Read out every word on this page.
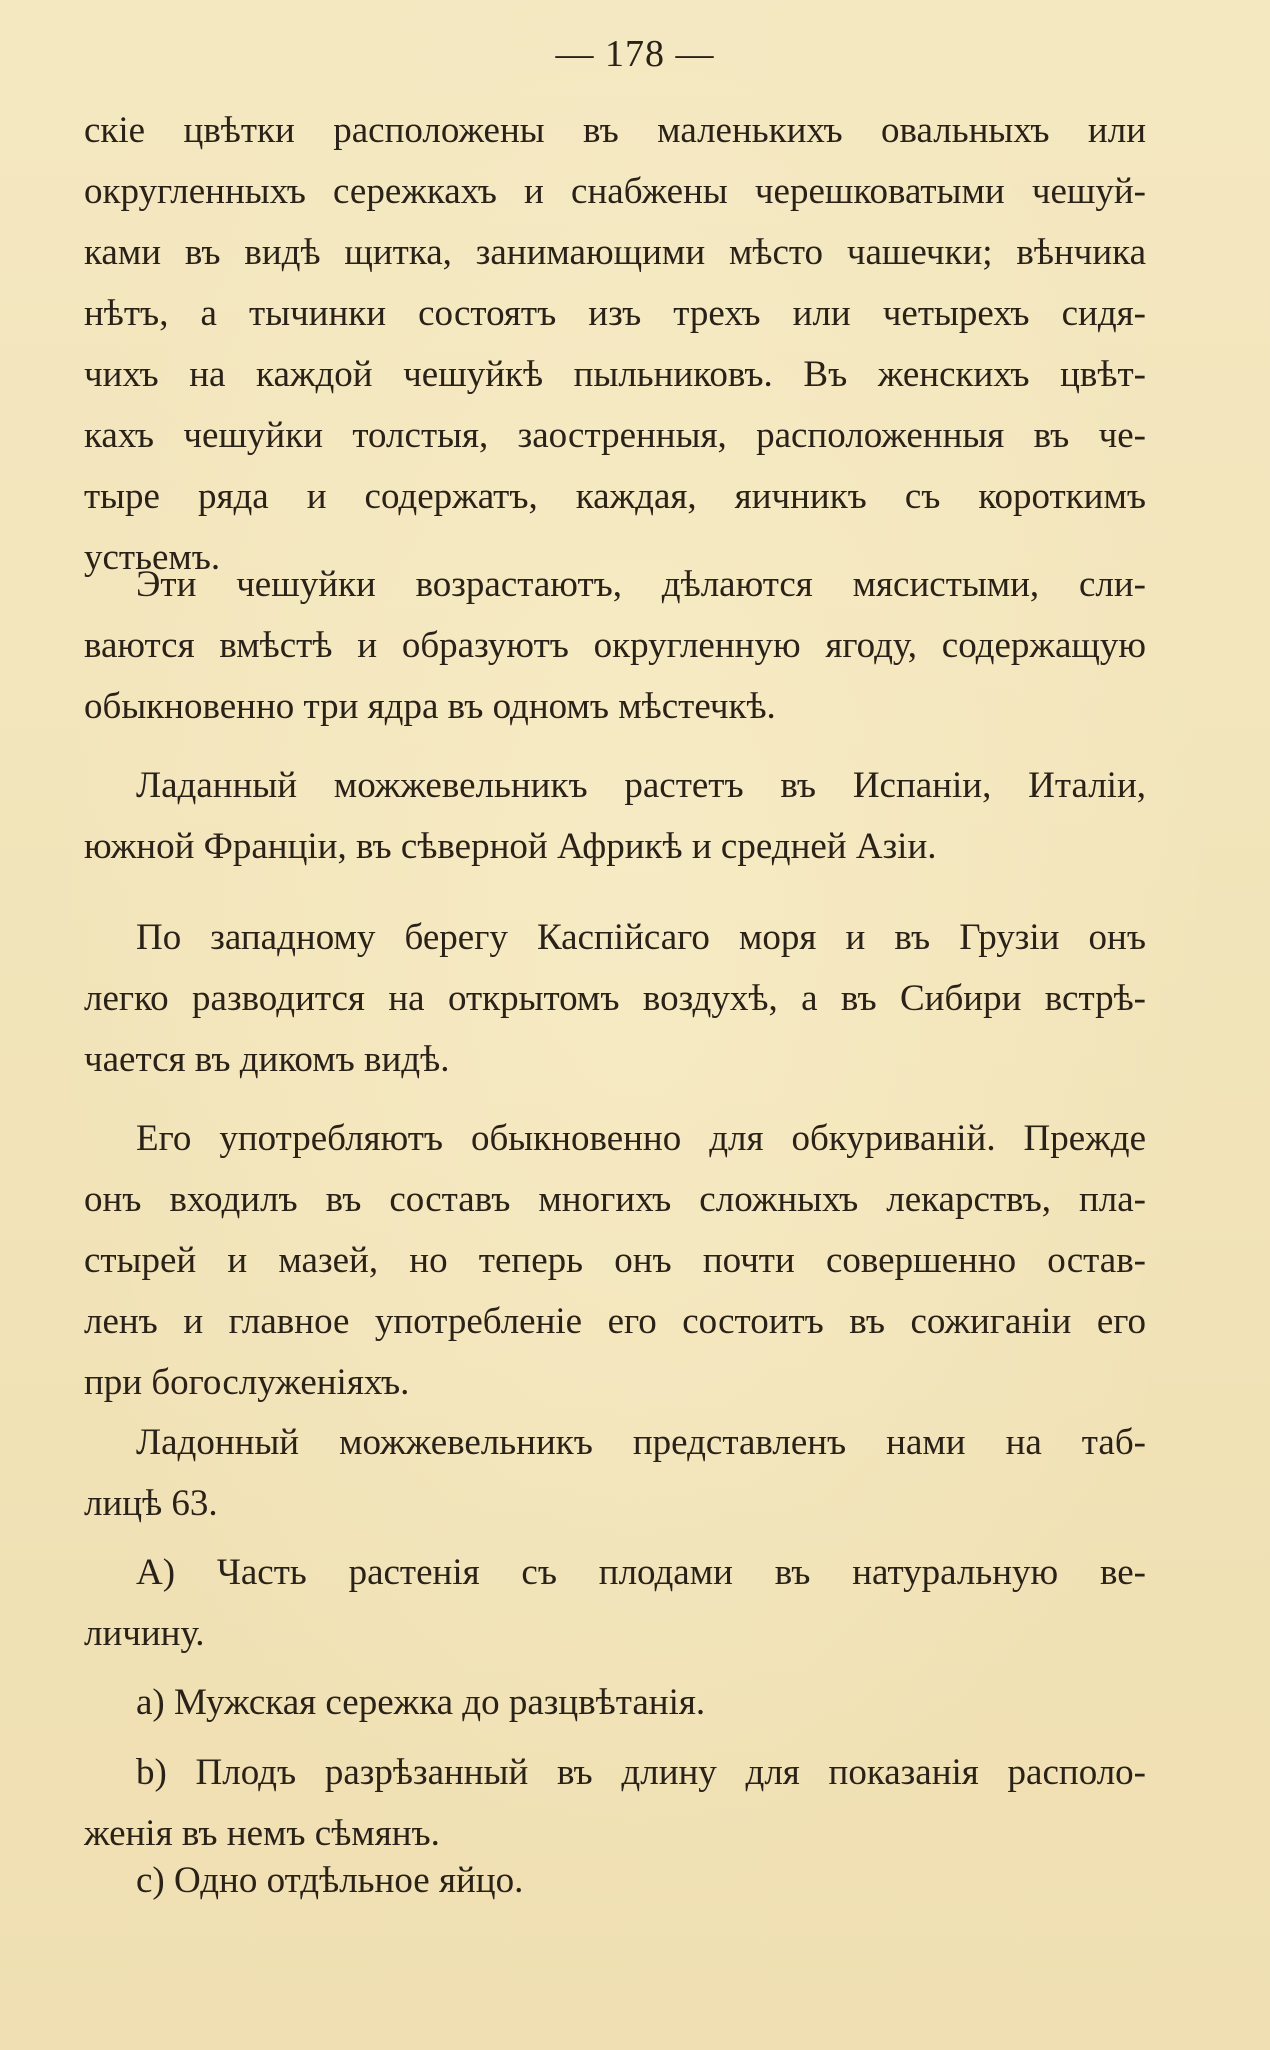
— 178 —
скіе цвѣтки расположены въ маленькихъ овальныхъ или
округленныхъ сережкахъ и снабжены черешковатыми чешуй-
ками въ видѣ щитка, занимающими мѣсто чашечки; вѣнчика
нѣтъ, а тычинки состоятъ изъ трехъ или четырехъ сидя-
чихъ на каждой чешуйкѣ пыльниковъ. Въ женскихъ цвѣт-
кахъ чешуйки толстыя, заостренныя, расположенныя въ че-
тыре ряда и содержатъ, каждая, яичникъ съ короткимъ
устьемъ.
Эти чешуйки возрастаютъ, дѣлаются мясистыми, сли-
ваются вмѣстѣ и образуютъ округленную ягоду, содержащую
обыкновенно три ядра въ одномъ мѣстечкѣ.
Ладанный можжевельникъ растетъ въ Испаніи, Италіи,
южной Франціи, въ сѣверной Африкѣ и средней Азіи.
По западному берегу Каспійсаго моря и въ Грузіи онъ
легко разводится на открытомъ воздухѣ, а въ Сибири встрѣ-
чается въ дикомъ видѣ.
Его употребляютъ обыкновенно для обкуриваній. Прежде
онъ входилъ въ составъ многихъ сложныхъ лекарствъ, пла-
стырей и мазей, но теперь онъ почти совершенно остав-
ленъ и главное употребленіе его состоитъ въ сожиганіи его
при богослуженіяхъ.
Ладонный можжевельникъ представленъ нами на таб-
лицѣ 63.
A) Часть растенія съ плодами въ натуральную ве-
личину.
a) Мужская сережка до разцвѣтанія.
b) Плодъ разрѣзанный въ длину для показанія располо-
женія въ немъ сѣмянъ.
c) Одно отдѣльное яйцо.
